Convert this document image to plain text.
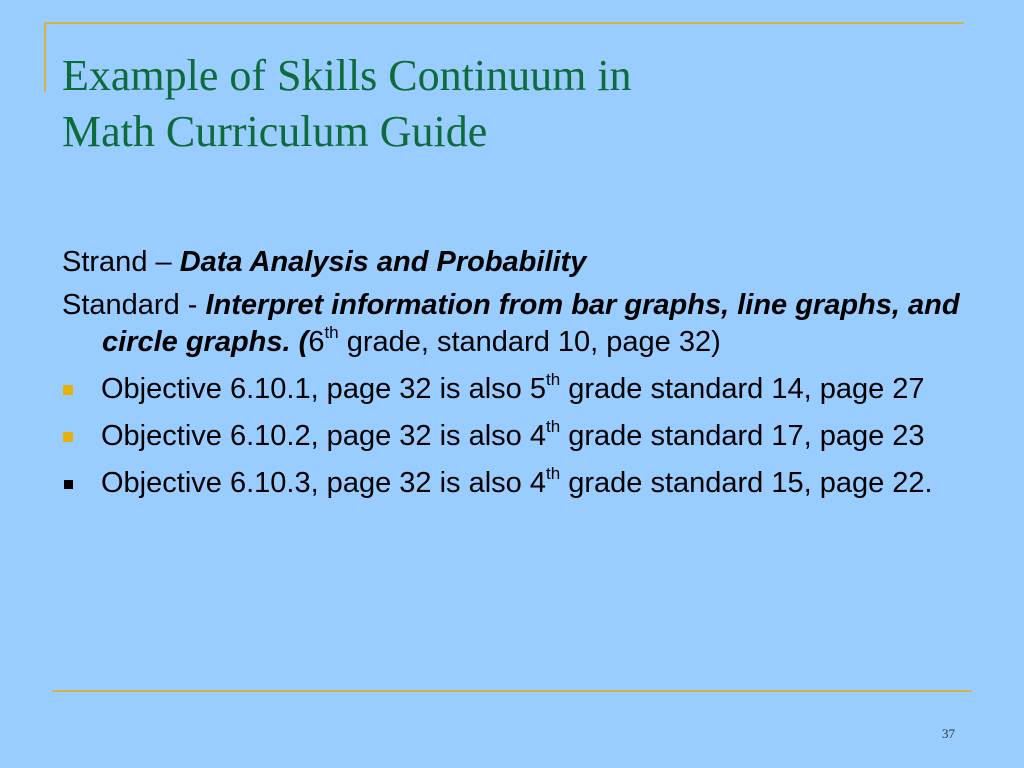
Example of Skills Continuum in
Math Curriculum Guide

Strand – Data Analysis and Probability

Standard - Interpret information from bar graphs, line graphs, and circle graphs. (6th grade, standard 10, page 32)

Objective 6.10.1, page 32 is also 5th grade standard 14, page 27
Objective 6.10.2, page 32 is also 4th grade standard 17, page 23
Objective 6.10.3, page 32 is also 4th grade standard 15, page 22.
37
